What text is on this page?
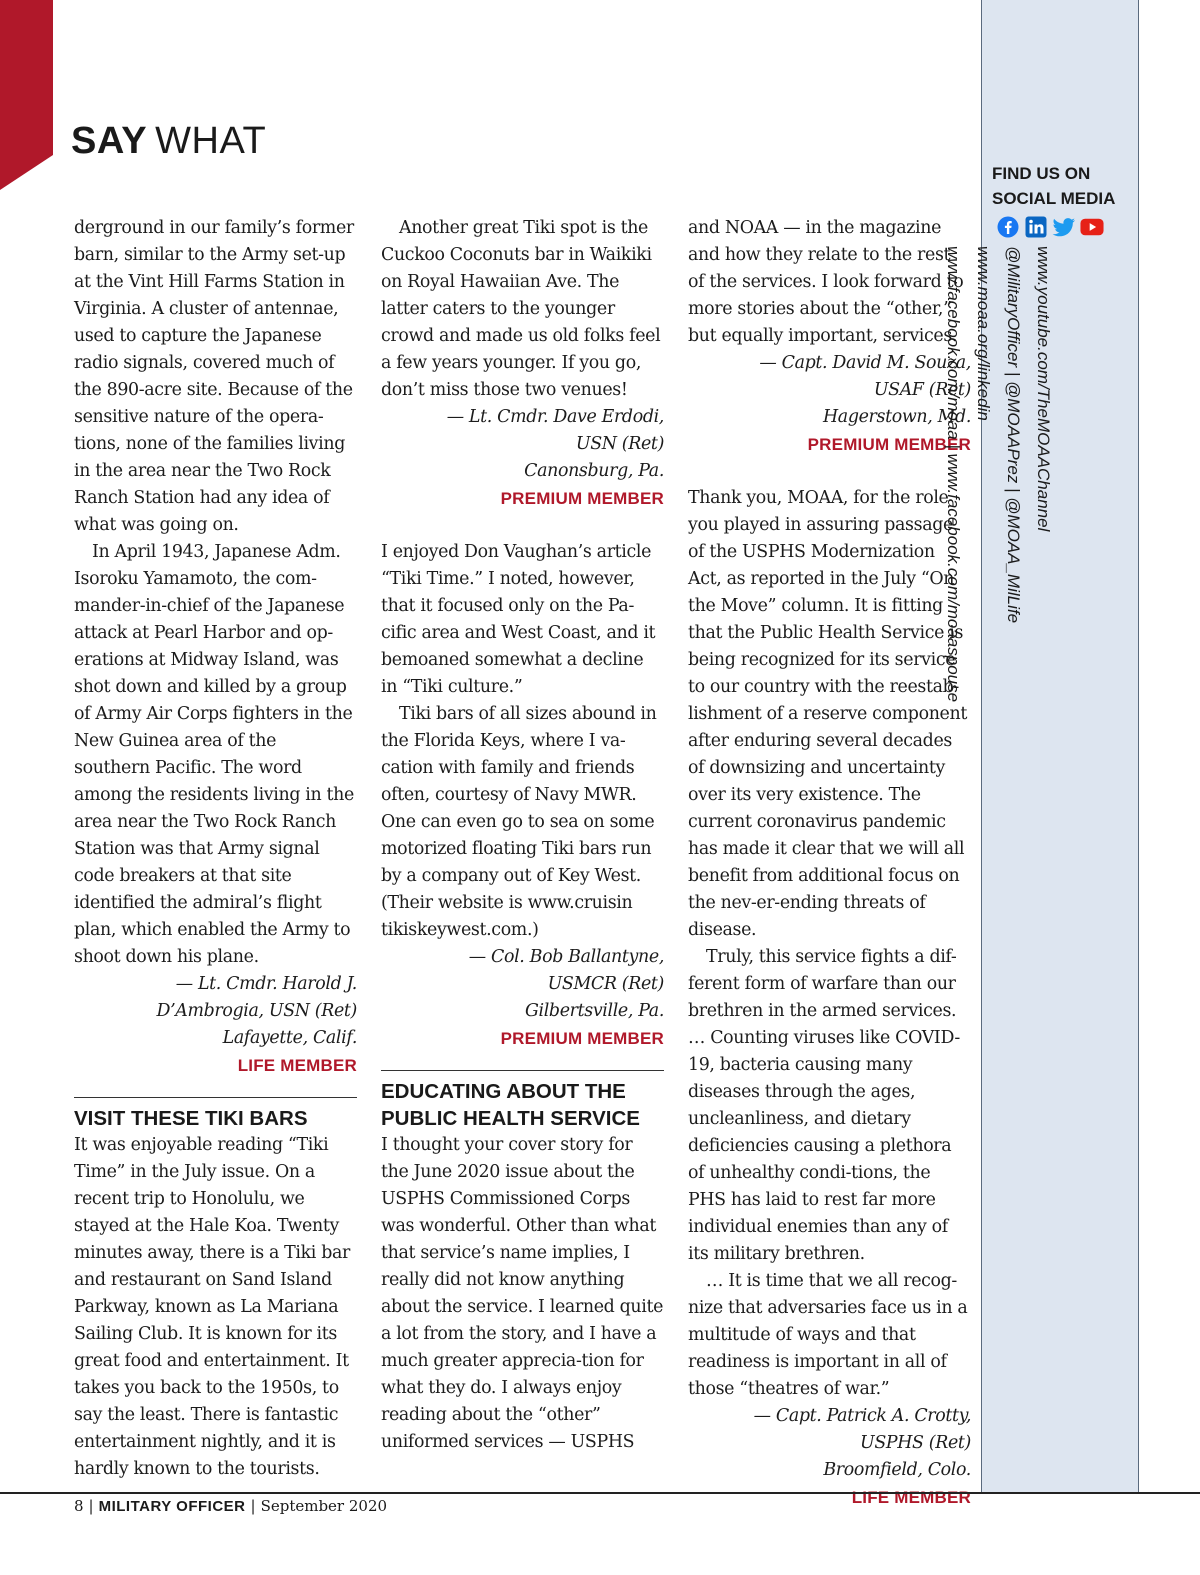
SAY WHAT

derground in our family’s former barn, similar to the Army set-up at the Vint Hill Farms Station in Virginia. A cluster of antennae, used to capture the Japanese radio signals, covered much of the 890-acre site. Because of the sensitive nature of the opera-tions, none of the families living in the area near the Two Rock Ranch Station had any idea of what was going on.

In April 1943, Japanese Adm. Isoroku Yamamoto, the com-mander-in-chief of the Japanese attack at Pearl Harbor and op-erations at Midway Island, was shot down and killed by a group of Army Air Corps fighters in the New Guinea area of the southern Pacific. The word among the residents living in the area near the Two Rock Ranch Station was that Army signal code breakers at that site identified the admiral’s flight plan, which enabled the Army to shoot down his plane.

— Lt. Cmdr. Harold J.

D’Ambrogia, USN (Ret)

Lafayette, Calif.

LIFE MEMBER

VISIT THESE TIKI BARS

It was enjoyable reading “Tiki Time” in the July issue. On a recent trip to Honolulu, we stayed at the Hale Koa. Twenty minutes away, there is a Tiki bar and restaurant on Sand Island Parkway, known as La Mariana Sailing Club. It is known for its great food and entertainment. It takes you back to the 1950s, to say the least. There is fantastic entertainment nightly, and it is hardly known to the tourists.

Another great Tiki spot is the Cuckoo Coconuts bar in Waikiki on Royal Hawaiian Ave. The latter caters to the younger crowd and made us old folks feel a few years younger. If you go, don’t miss those two venues!

— Lt. Cmdr. Dave Erdodi,

USN (Ret)

Canonsburg, Pa.

PREMIUM MEMBER

I enjoyed Don Vaughan’s article “Tiki Time.” I noted, however, that it focused only on the Pa-cific area and West Coast, and it bemoaned somewhat a decline in “Tiki culture.”

Tiki bars of all sizes abound in the Florida Keys, where I va-cation with family and friends often, courtesy of Navy MWR. One can even go to sea on some motorized floating Tiki bars run by a company out of Key West. (Their website is www.cruisin tikiskeywest.com.)

— Col. Bob Ballantyne,

USMCR (Ret)

Gilbertsville, Pa.

PREMIUM MEMBER

EDUCATING ABOUT THE PUBLIC HEALTH SERVICE

I thought your cover story for the June 2020 issue about the USPHS Commissioned Corps was wonderful. Other than what that service’s name implies, I really did not know anything about the service. I learned quite a lot from the story, and I have a much greater apprecia-tion for what they do. I always enjoy reading about the “other” uniformed services — USPHS

and NOAA — in the magazine and how they relate to the rest of the services. I look forward to more stories about the “other,” but equally important, services.

— Capt. David M. Souza,

USAF (Ret)

Hagerstown, Md.

PREMIUM MEMBER

Thank you, MOAA, for the role you played in assuring passage of the USPHS Modernization Act, as reported in the July “On the Move” column. It is fitting that the Public Health Service is being recognized for its service to our country with the reestab-lishment of a reserve component after enduring several decades of downsizing and uncertainty over its very existence. The current coronavirus pandemic has made it clear that we will all benefit from additional focus on the nev-er-ending threats of disease.

Truly, this service fights a dif-ferent form of warfare than our brethren in the armed services. … Counting viruses like COVID-19, bacteria causing many diseases through the ages, uncleanliness, and dietary deficiencies causing a plethora of unhealthy condi-tions, the PHS has laid to rest far more individual enemies than any of its military brethren.

… It is time that we all recog-nize that adversaries face us in a multitude of ways and that readiness is important in all of those “theatres of war.”

— Capt. Patrick A. Crotty,

USPHS (Ret)

Broomfield, Colo.

LIFE MEMBER

FIND US ON
SOCIAL MEDIA
www.youtube.com/TheMOAAChannel
@MilitaryOfficer | @MOAAPrez | @MOAA_MilLife
www.moaa.org/linkedin
www.facebook.com/moaa | www.facebook.com/moaaspouse
8 | MILITARY OFFICER | September 2020
